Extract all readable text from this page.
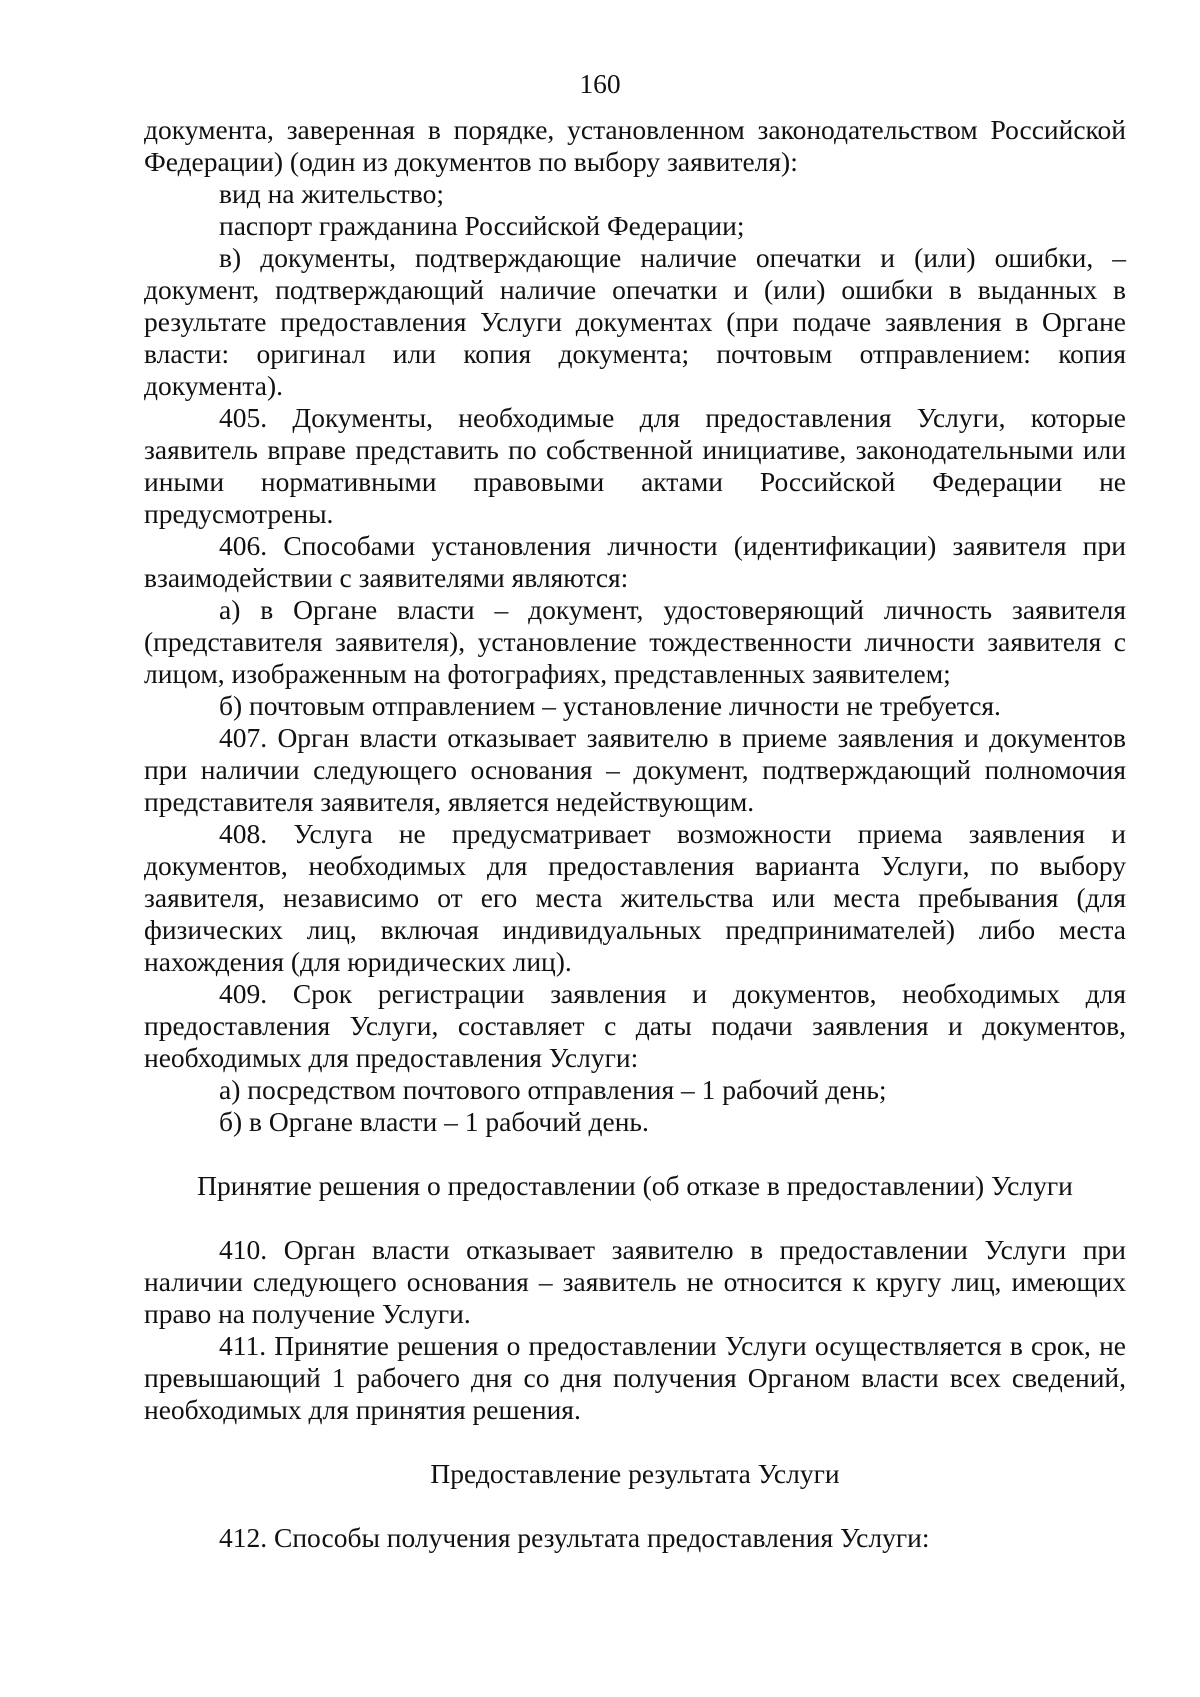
160

документа, заверенная в порядке, установленном законодательством Российской Федерации) (один из документов по выбору заявителя):

вид на жительство;

паспорт гражданина Российской Федерации;

в) документы, подтверждающие наличие опечатки и (или) ошибки, – документ, подтверждающий наличие опечатки и (или) ошибки в выданных в результате предоставления Услуги документах (при подаче заявления в Органе власти: оригинал или копия документа; почтовым отправлением: копия документа).

405. Документы, необходимые для предоставления Услуги, которые заявитель вправе представить по собственной инициативе, законодательными или иными нормативными правовыми актами Российской Федерации не предусмотрены.

406. Способами установления личности (идентификации) заявителя при взаимодействии с заявителями являются:

а) в Органе власти – документ, удостоверяющий личность заявителя (представителя заявителя), установление тождественности личности заявителя с лицом, изображенным на фотографиях, представленных заявителем;

б) почтовым отправлением – установление личности не требуется.

407. Орган власти отказывает заявителю в приеме заявления и документов при наличии следующего основания – документ, подтверждающий полномочия представителя заявителя, является недействующим.

408. Услуга не предусматривает возможности приема заявления и документов, необходимых для предоставления варианта Услуги, по выбору заявителя, независимо от его места жительства или места пребывания (для физических лиц, включая индивидуальных предпринимателей) либо места нахождения (для юридических лиц).

409. Срок регистрации заявления и документов, необходимых для предоставления Услуги, составляет с даты подачи заявления и документов, необходимых для предоставления Услуги:

а) посредством почтового отправления – 1 рабочий день;

б) в Органе власти – 1 рабочий день.

Принятие решения о предоставлении (об отказе в предоставлении) Услуги

410. Орган власти отказывает заявителю в предоставлении Услуги при наличии следующего основания – заявитель не относится к кругу лиц, имеющих право на получение Услуги.

411. Принятие решения о предоставлении Услуги осуществляется в срок, не превышающий 1 рабочего дня со дня получения Органом власти всех сведений, необходимых для принятия решения.

Предоставление результата Услуги

412. Способы получения результата предоставления Услуги:
